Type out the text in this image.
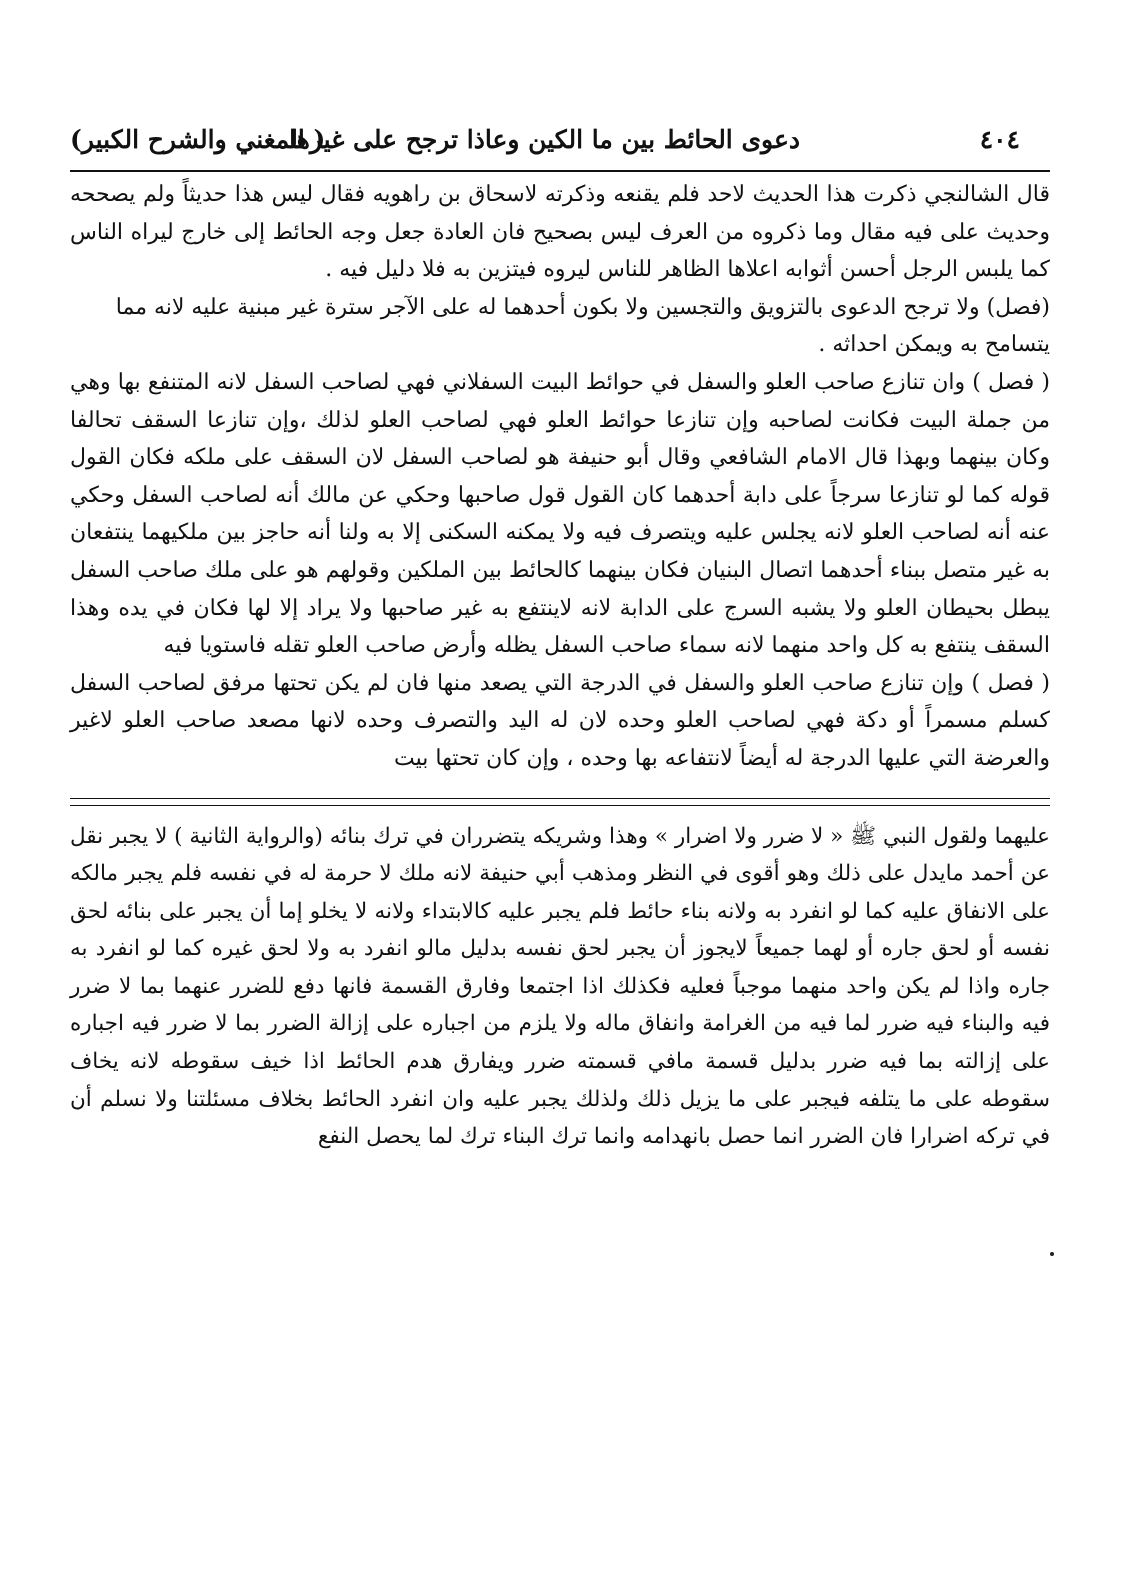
٤٠٤
دعوى الحائط بين ما الكين وعاذا ترجح على غيرها
( المغني والشرح الكبير)

قال الشالنجي ذكرت هذا الحديث لاحد فلم يقنعه وذكرته لاسحاق بن راهويه فقال ليس هذا حديثاً ولم يصححه وحديث على فيه مقال وما ذكروه من العرف ليس بصحيح فان العادة جعل وجه الحائط إلى خارج ليراه الناس كما يلبس الرجل أحسن أثوابه اعلاها الظاهر للناس ليروه فيتزين به فلا دليل فيه .

(فصل) ولا ترجح الدعوى بالتزويق والتجسين ولا بكون أحدهما له على الآجر سترة غير مبنية عليه لانه مما يتسامح به ويمكن احداثه .

( فصل ) وان تنازع صاحب العلو والسفل في حوائط البيت السفلاني فهي لصاحب السفل لانه المتنفع بها وهي من جملة البيت فكانت لصاحبه وإن تنازعا حوائط العلو فهي لصاحب العلو لذلك ،وإن تنازعا السقف تحالفا وكان بينهما وبهذا قال الامام الشافعي وقال أبو حنيفة هو لصاحب السفل لان السقف على ملكه فكان القول قوله كما لو تنازعا سرجاً على دابة أحدهما كان القول قول صاحبها وحكي عن مالك أنه لصاحب السفل وحكي عنه أنه لصاحب العلو لانه يجلس عليه ويتصرف فيه ولا يمكنه السكنى إلا به ولنا أنه حاجز بين ملكيهما ينتفعان به غير متصل ببناء أحدهما اتصال البنيان فكان بينهما كالحائط بين الملكين وقولهم هو على ملك صاحب السفل يبطل بحيطان العلو ولا يشبه السرج على الدابة لانه لاينتفع به غير صاحبها ولا يراد إلا لها فكان في يده وهذا السقف ينتفع به كل واحد منهما لانه سماء صاحب السفل يظله وأرض صاحب العلو تقله فاستويا فيه

( فصل ) وإن تنازع صاحب العلو والسفل في الدرجة التي يصعد منها فان لم يكن تحتها مرفق لصاحب السفل كسلم مسمراً أو دكة فهي لصاحب العلو وحده لان له اليد والتصرف وحده لانها مصعد صاحب العلو لاغير والعرضة التي عليها الدرجة له أيضاً لانتفاعه بها وحده ، وإن كان تحتها بيت

عليهما ولقول النبي ﷺ « لا ضرر ولا اضرار » وهذا وشريكه يتضرران في ترك بنائه (والرواية الثانية ) لا يجبر نقل عن أحمد مايدل على ذلك وهو أقوى في النظر ومذهب أبي حنيفة لانه ملك لا حرمة له في نفسه فلم يجبر مالكه على الانفاق عليه كما لو انفرد به ولانه بناء حائط فلم يجبر عليه كالابتداء ولانه لا يخلو إما أن يجبر على بنائه لحق نفسه أو لحق جاره أو لهما جميعاً لايجوز أن يجبر لحق نفسه بدليل مالو انفرد به ولا لحق غيره كما لو انفرد به جاره واذا لم يكن واحد منهما موجباً فعليه فكذلك اذا اجتمعا وفارق القسمة فانها دفع للضرر عنهما بما لا ضرر فيه والبناء فيه ضرر لما فيه من الغرامة وانفاق ماله ولا يلزم من اجباره على إزالة الضرر بما لا ضرر فيه اجباره على إزالته بما فيه ضرر بدليل قسمة مافي قسمته ضرر ويفارق هدم الحائط اذا خيف سقوطه لانه يخاف سقوطه على ما يتلفه فيجبر على ما يزيل ذلك ولذلك يجبر عليه وان انفرد الحائط بخلاف مسئلتنا ولا نسلم أن في تركه اضرارا فان الضرر انما حصل بانهدامه وانما ترك البناء ترك لما يحصل النفع
